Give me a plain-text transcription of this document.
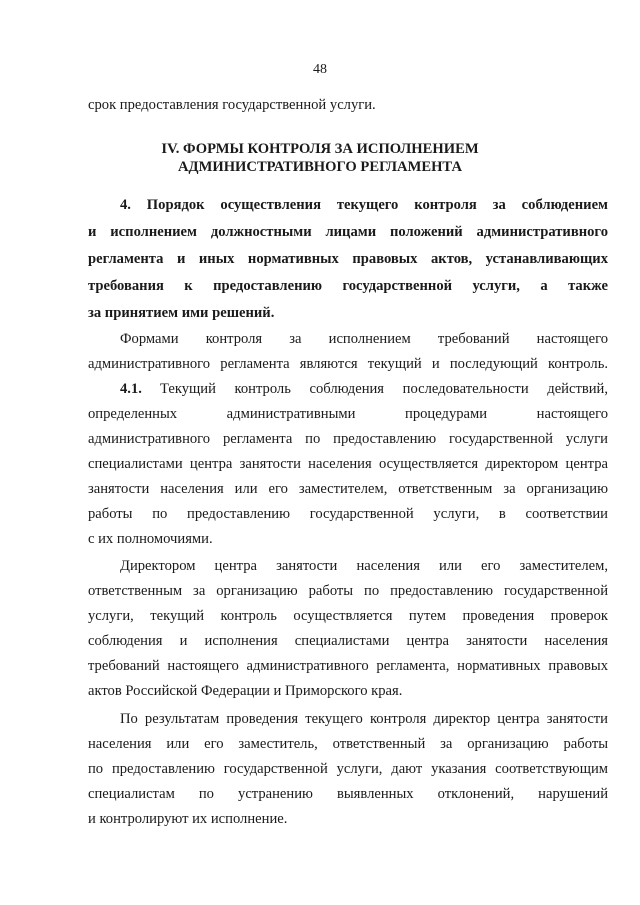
48
срок предоставления государственной услуги.
IV. ФОРМЫ КОНТРОЛЯ ЗА ИСПОЛНЕНИЕМ
АДМИНИСТРАТИВНОГО РЕГЛАМЕНТА
4. Порядок осуществления текущего контроля за соблюдением
и исполнением должностными лицами положений административного
регламента и иных нормативных правовых актов, устанавливающих
требования к предоставлению государственной услуги, а также
за принятием ими решений.
Формами контроля за исполнением требований настоящего
административного регламента являются текущий и последующий контроль.
4.1.	Текущий контроль соблюдения последовательности действий,
определенных административными процедурами настоящего
административного регламента по предоставлению государственной услуги
специалистами центра занятости населения осуществляется директором центра
занятости населения или его заместителем, ответственным за организацию
работы по предоставлению государственной услуги, в соответствии
с их полномочиями.
Директором центра занятости населения или его заместителем,
ответственным за организацию работы по предоставлению государственной
услуги, текущий контроль осуществляется путем проведения проверок
соблюдения и исполнения специалистами центра занятости населения
требований настоящего административного регламента, нормативных правовых
актов Российской Федерации и Приморского края.
По результатам проведения текущего контроля директор центра занятости
населения или его заместитель, ответственный за организацию работы
по предоставлению государственной услуги, дают указания соответствующим
специалистам по устранению выявленных отклонений, нарушений
и контролируют их исполнение.
